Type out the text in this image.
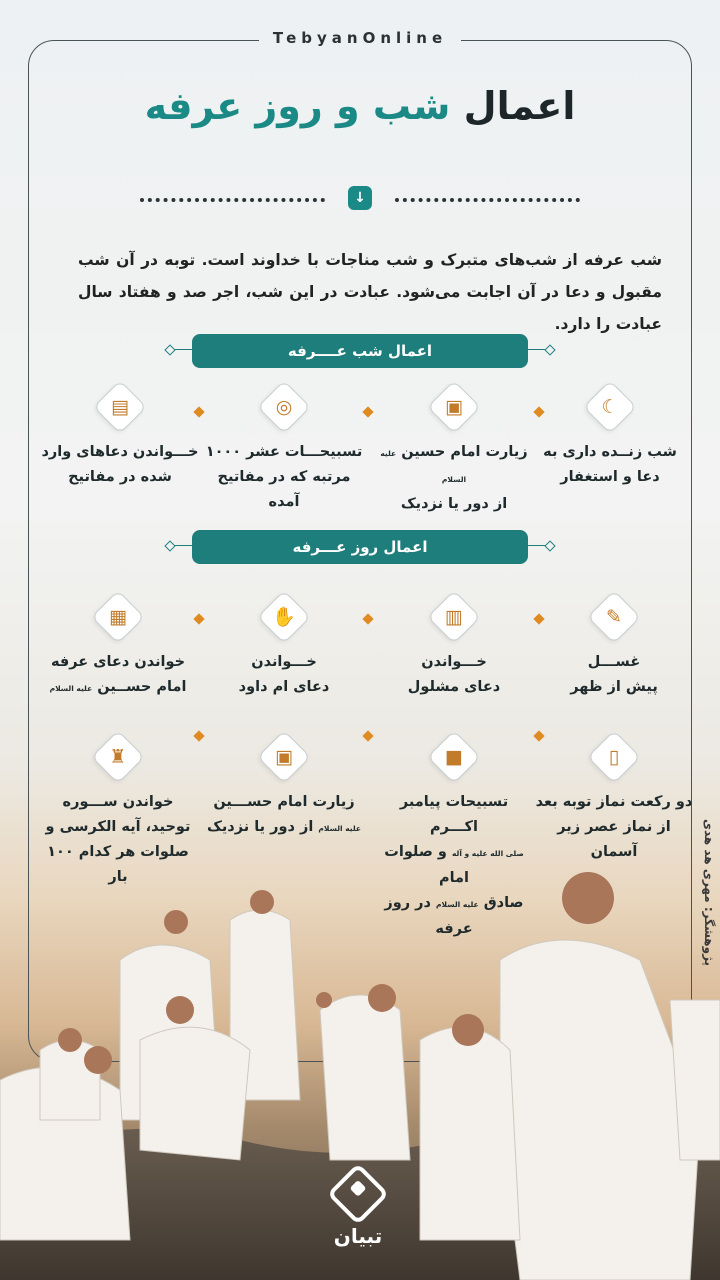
TebyanOnline
اعمال شب و روز عرفه
↓
شب عرفه از شب‌های متبرک و شب مناجات با خداوند است. توبه در آن شب مقبول و دعا در آن اجابت می‌شود. عبادت در این شب، اجر صد و هفتاد سال عبادت را دارد.
اعمال شب عــــرفه
☾
شب زنــده داری به دعا و استغفار
▣
زیارت امام حسین علیه السلام
از دور یا نزدیک
◎
تسبیحـــات عشر ۱۰۰۰ مرتبه که در مفاتیح آمده
▤
خـــواندن دعاهای وارد شده در مفاتیح
اعمال روز عـــرفه
✎
غســـل
پیش از ظهر
▥
خـــواندن
دعای مشلول
✋
خـــواندن
دعای ام داود
▦
خواندن دعای عرفه
امام حســین علیه السلام
▯
دو رکعت نماز توبه بعد از نماز عصر زیر آسمان
■
تسبیحات پیامبر اکـــرم
صلی الله علیه و آله و صلوات امام
صادق علیه السلام در روز عرفه
▣
زیارت امام حســـین
علیه السلام از دور یا نزدیک
♜
خواندن ســـوره توحید، آیه الکرسی و صلوات هر کدام ۱۰۰ بار	پژوهشگر: مهری هد هدی
تبیان
